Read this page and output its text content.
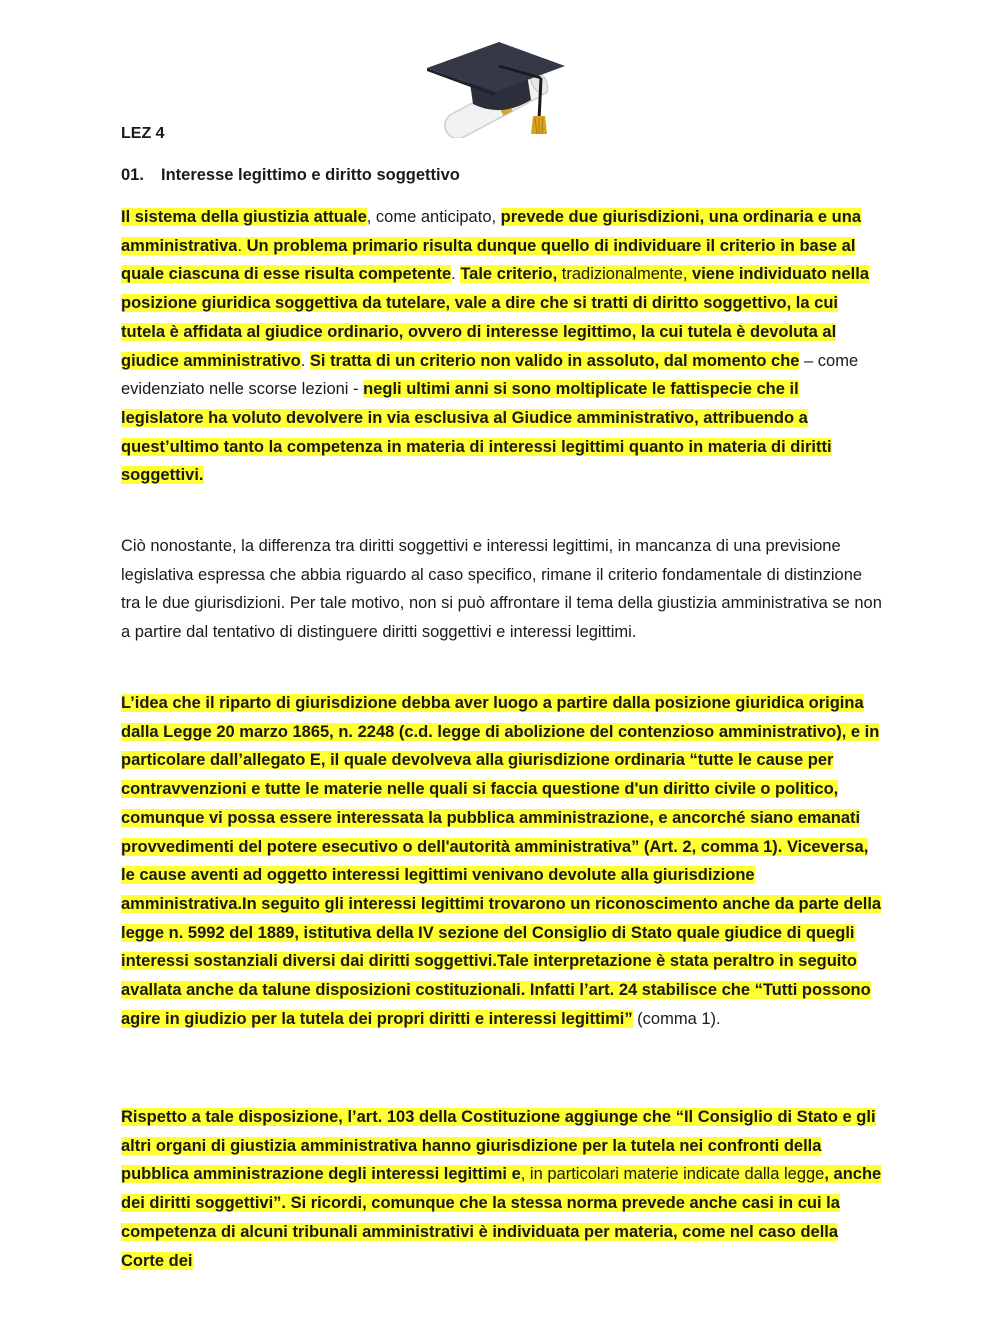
LEZ 4
01. Interesse legittimo e diritto soggettivo

Il sistema della giustizia attuale, come anticipato, prevede due giurisdizioni, una ordinaria e una amministrativa. Un problema primario risulta dunque quello di individuare il criterio in base al quale ciascuna di esse risulta competente. Tale criterio, tradizionalmente, viene individuato nella posizione giuridica soggettiva da tutelare, vale a dire che si tratti di diritto soggettivo, la cui tutela è affidata al giudice ordinario, ovvero di interesse legittimo, la cui tutela è devoluta al giudice amministrativo. Si tratta di un criterio non valido in assoluto, dal momento che – come evidenziato nelle scorse lezioni - negli ultimi anni si sono moltiplicate le fattispecie che il legislatore ha voluto devolvere in via esclusiva al Giudice amministrativo, attribuendo a quest’ultimo tanto la competenza in materia di interessi legittimi quanto in materia di diritti soggettivi.

Ciò nonostante, la differenza tra diritti soggettivi e interessi legittimi, in mancanza di una previsione legislativa espressa che abbia riguardo al caso specifico, rimane il criterio fondamentale di distinzione tra le due giurisdizioni. Per tale motivo, non si può affrontare il tema della giustizia amministrativa se non a partire dal tentativo di distinguere diritti soggettivi e interessi legittimi.

L’idea che il riparto di giurisdizione debba aver luogo a partire dalla posizione giuridica origina dalla Legge 20 marzo 1865, n. 2248 (c.d. legge di abolizione del contenzioso amministrativo), e in particolare dall’allegato E, il quale devolveva alla giurisdizione ordinaria “tutte le cause per contravvenzioni e tutte le materie nelle quali si faccia questione d'un diritto civile o politico, comunque vi possa essere interessata la pubblica amministrazione, e ancorché siano emanati provvedimenti del potere esecutivo o dell'autorità amministrativa” (Art. 2, comma 1). Viceversa, le cause aventi ad oggetto interessi legittimi venivano devolute alla giurisdizione amministrativa.In seguito gli interessi legittimi trovarono un riconoscimento anche da parte della legge n. 5992 del 1889, istitutiva della IV sezione del Consiglio di Stato quale giudice di quegli interessi sostanziali diversi dai diritti soggettivi.Tale interpretazione è stata peraltro in seguito avallata anche da talune disposizioni costituzionali. Infatti l’art. 24 stabilisce che “Tutti possono agire in giudizio per la tutela dei propri diritti e interessi legittimi” (comma 1).

Rispetto a tale disposizione, l’art. 103 della Costituzione aggiunge che “Il Consiglio di Stato e gli altri organi di giustizia amministrativa hanno giurisdizione per la tutela nei confronti della pubblica amministrazione degli interessi legittimi e, in particolari materie indicate dalla legge, anche dei diritti soggettivi”. Si ricordi, comunque che la stessa norma prevede anche casi in cui la competenza di alcuni tribunali amministrativi è individuata per materia, come nel caso della Corte dei
